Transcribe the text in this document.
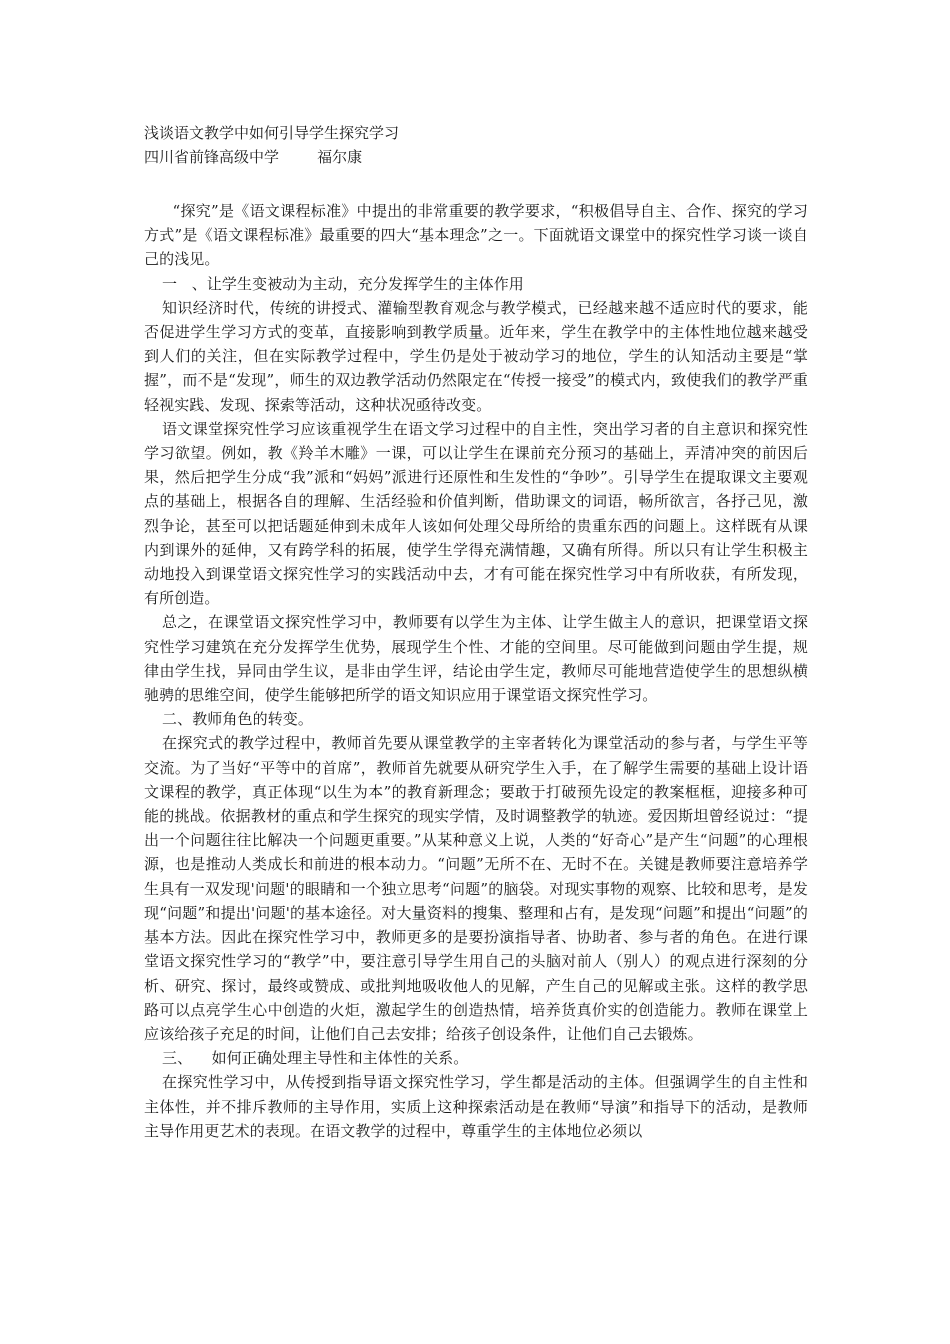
浅谈语文教学中如何引导学生探究学习

四川省前锋高级中学        福尔康

“探究”是《语文课程标准》中提出的非常重要的教学要求，“积极倡导自主、合作、探究的学习方式”是《语文课程标准》最重要的四大“基本理念”之一。下面就语文课堂中的探究性学习谈一谈自己的浅见。

一   、让学生变被动为主动，充分发挥学生的主体作用

知识经济时代，传统的讲授式、灌输型教育观念与教学模式，已经越来越不适应时代的要求，能否促进学生学习方式的变革，直接影响到教学质量。近年来，学生在教学中的主体性地位越来越受到人们的关注，但在实际教学过程中，学生仍是处于被动学习的地位，学生的认知活动主要是“掌握”，而不是“发现”，师生的双边教学活动仍然限定在“传授一接受”的模式内，致使我们的教学严重轻视实践、发现、探索等活动，这种状况亟待改变。

语文课堂探究性学习应该重视学生在语文学习过程中的自主性，突出学习者的自主意识和探究性学习欲望。例如，教《羚羊木雕》一课，可以让学生在课前充分预习的基础上，弄清冲突的前因后果，然后把学生分成“我”派和“妈妈”派进行还原性和生发性的“争吵”。引导学生在提取课文主要观点的基础上，根据各自的理解、生活经验和价值判断，借助课文的词语，畅所欲言，各抒己见，激烈争论，甚至可以把话题延伸到未成年人该如何处理父母所给的贵重东西的问题上。这样既有从课内到课外的延伸，又有跨学科的拓展，使学生学得充满情趣，又确有所得。所以只有让学生积极主动地投入到课堂语文探究性学习的实践活动中去，才有可能在探究性学习中有所收获，有所发现，有所创造。

总之，在课堂语文探究性学习中，教师要有以学生为主体、让学生做主人的意识，把课堂语文探究性学习建筑在充分发挥学生优势，展现学生个性、才能的空间里。尽可能做到问题由学生提，规律由学生找，异同由学生议，是非由学生评，结论由学生定，教师尽可能地营造使学生的思想纵横驰骋的思维空间，使学生能够把所学的语文知识应用于课堂语文探究性学习。

二、教师角色的转变。

在探究式的教学过程中，教师首先要从课堂教学的主宰者转化为课堂活动的参与者，与学生平等交流。为了当好“平等中的首席”，教师首先就要从研究学生入手，在了解学生需要的基础上设计语文课程的教学，真正体现“以生为本”的教育新理念；要敢于打破预先设定的教案框框，迎接多种可能的挑战。依据教材的重点和学生探究的现实学情，及时调整教学的轨迹。爱因斯坦曾经说过：“提出一个问题往往比解决一个问题更重要。”从某种意义上说，人类的“好奇心”是产生“问题”的心理根源，也是推动人类成长和前进的根本动力。“问题”无所不在、无时不在。关键是教师要注意培养学生具有一双发现'问题'的眼睛和一个独立思考“问题”的脑袋。对现实事物的观察、比较和思考，是发现“问题”和提出'问题'的基本途径。对大量资料的搜集、整理和占有，是发现“问题”和提出“问题”的基本方法。因此在探究性学习中，教师更多的是要扮演指导者、协助者、参与者的角色。在进行课堂语文探究性学习的“教学”中，要注意引导学生用自己的头脑对前人（别人）的观点进行深刻的分析、研究、探讨，最终或赞成、或批判地吸收他人的见解，产生自己的见解或主张。这样的教学思路可以点亮学生心中创造的火炬，激起学生的创造热情，培养货真价实的创造能力。教师在课堂上应该给孩子充足的时间，让他们自己去安排；给孩子创设条件，让他们自己去锻炼。

三、    如何正确处理主导性和主体性的关系。

在探究性学习中，从传授到指导语文探究性学习，学生都是活动的主体。但强调学生的自主性和主体性，并不排斥教师的主导作用，实质上这种探索活动是在教师“导演”和指导下的活动，是教师主导作用更艺术的表现。在语文教学的过程中，尊重学生的主体地位必须以
